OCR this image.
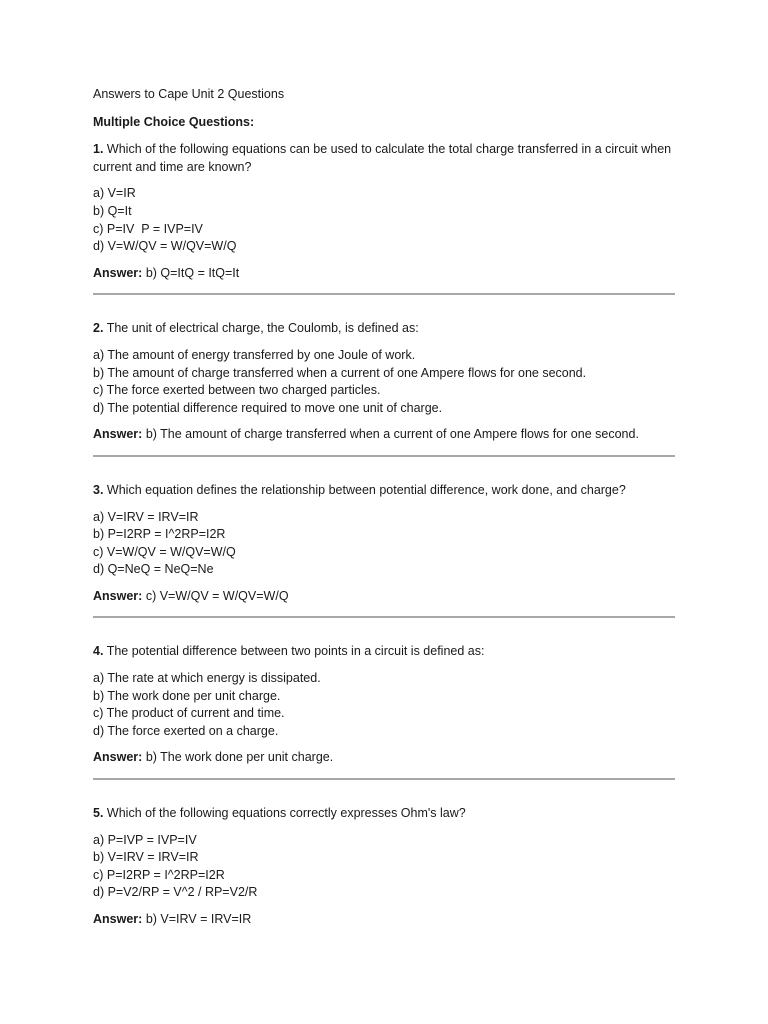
Answers to Cape Unit 2 Questions

Multiple Choice Questions:

1. Which of the following equations can be used to calculate the total charge transferred in a circuit when current and time are known?

a) V=IR
b) Q=It
c) P=IV  P = IVP=IV
d) V=W/QV = W/QV=W/Q

Answer: b) Q=ItQ = ItQ=It

2. The unit of electrical charge, the Coulomb, is defined as:

a) The amount of energy transferred by one Joule of work.
b) The amount of charge transferred when a current of one Ampere flows for one second.
c) The force exerted between two charged particles.
d) The potential difference required to move one unit of charge.

Answer: b) The amount of charge transferred when a current of one Ampere flows for one second.

3. Which equation defines the relationship between potential difference, work done, and charge?

a) V=IRV = IRV=IR
b) P=I2RP = I^2RP=I2R
c) V=W/QV = W/QV=W/Q
d) Q=NeQ = NeQ=Ne

Answer: c) V=W/QV = W/QV=W/Q

4. The potential difference between two points in a circuit is defined as:

a) The rate at which energy is dissipated.
b) The work done per unit charge.
c) The product of current and time.
d) The force exerted on a charge.

Answer: b) The work done per unit charge.

5. Which of the following equations correctly expresses Ohm's law?

a) P=IVP = IVP=IV
b) V=IRV = IRV=IR
c) P=I2RP = I^2RP=I2R
d) P=V2/RP = V^2 / RP=V2/R

Answer: b) V=IRV = IRV=IR
